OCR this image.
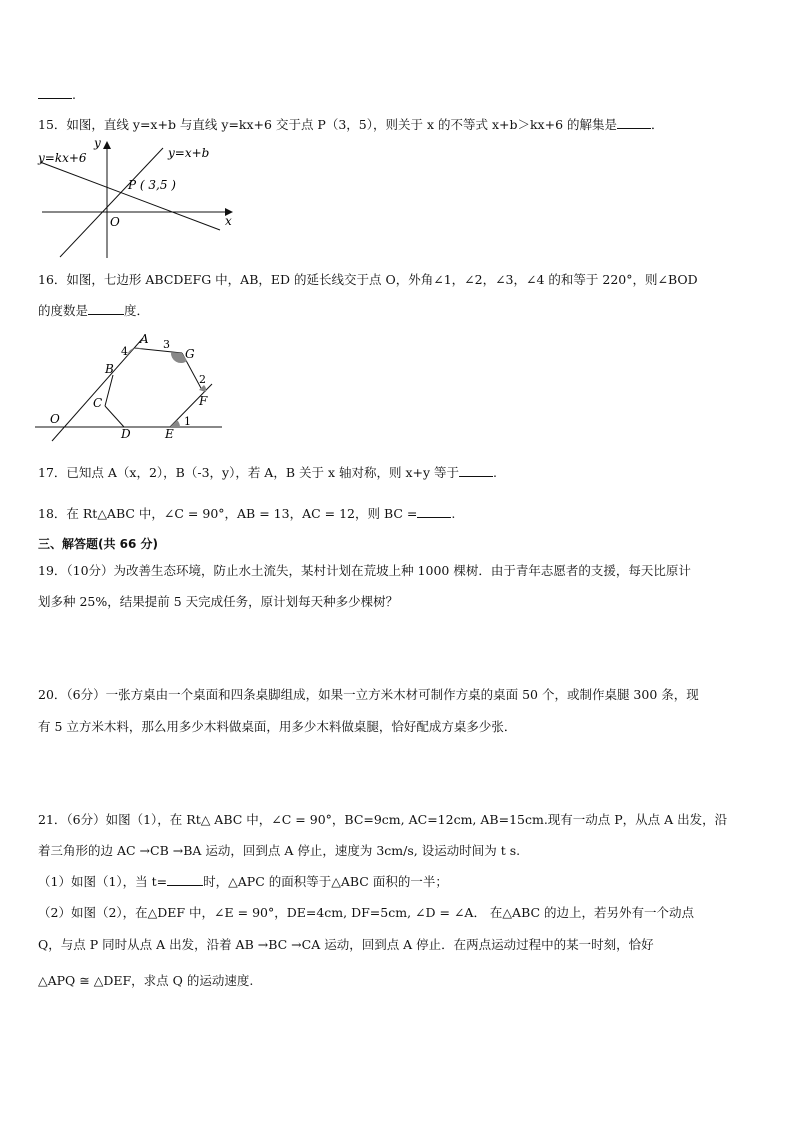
.
15．如图，直线 y=x+b 与直线 y=kx+6 交于点 P（3，5），则关于 x 的不等式 x+b＞kx+6 的解集是	．
y=kx+6	y=x+b
y
x
O
P ( 3,5 )
16．如图，七边形 ABCDEFG 中，AB，ED 的延长线交于点 O，外角∠1，∠2，∠3，∠4 的和等于 220°，则∠BOD
的度数是	度．
A
G
F
E
D
C
B
O
4
3
2
1
17．已知点 A（x，2），B（-3，y），若 A，B 关于 x 轴对称，则 x+y 等于	.
18．在 Rt△ABC 中，∠C = 90°，AB = 13，AC = 12，则 BC =	.
三、解答题(共 66 分)
19．（10分）为改善生态环境，防止水土流失，某村计划在荒坡上种 1000 棵树．由于青年志愿者的支援，每天比原计
划多种 25%，结果提前 5 天完成任务，原计划每天种多少棵树？
20．（6分）一张方桌由一个桌面和四条桌脚组成，如果一立方米木材可制作方桌的桌面 50 个，或制作桌腿 300 条，现
有 5 立方米木料，那么用多少木料做桌面，用多少木料做桌腿，恰好配成方桌多少张．
21．（6分）如图（1），在 Rt△ ABC 中，∠C = 90°，BC=9cm, AC=12cm, AB=15cm.现有一动点 P，从点 A 出发，沿
着三角形的边 AC →CB →BA 运动，回到点 A 停止，速度为 3cm/s, 设运动时间为 t s.
（1）如图（1），当 t=	时，△APC 的面积等于△ABC 面积的一半；
（2）如图（2），在△DEF 中，∠E = 90°，DE=4cm, DF=5cm, ∠D = ∠A． 在△ABC 的边上，若另外有一个动点
Q，与点 P 同时从点 A 出发，沿着 AB →BC →CA 运动，回到点 A 停止．在两点运动过程中的某一时刻，恰好
△APQ ≅ △DEF，求点 Q 的运动速度.
